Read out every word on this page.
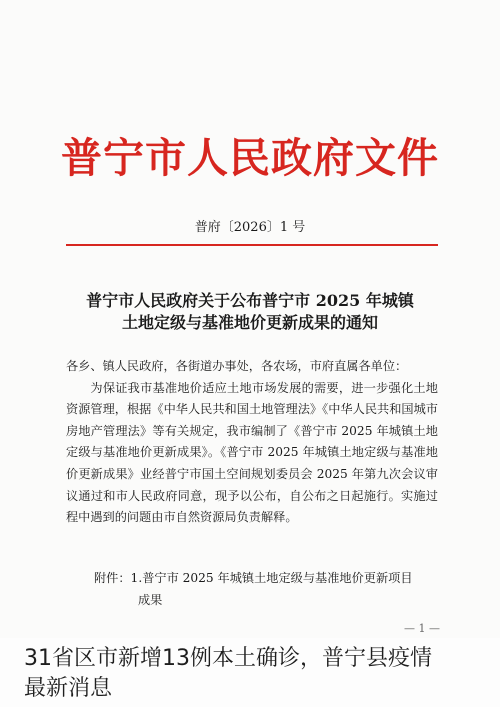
普宁市人民政府文件
普府〔2026〕1 号
普宁市人民政府关于公布普宁市 2025 年城镇
土地定级与基准地价更新成果的通知

各乡、镇人民政府，各街道办事处，各农场，市府直属各单位：

为保证我市基准地价适应土地市场发展的需要，进一步强化土地资源管理，根据《中华人民共和国土地管理法》《中华人民共和国城市房地产管理法》等有关规定，我市编制了《普宁市 2025 年城镇土地定级与基准地价更新成果》。《普宁市 2025 年城镇土地定级与基准地价更新成果》业经普宁市国土空间规划委员会 2025 年第九次会议审议通过和市人民政府同意，现予以公布，自公布之日起施行。实施过程中遇到的问题由市自然资源局负责解释。

附件：1. 普宁市 2025 年城镇土地定级与基准地价更新项目成果
— 1 —
31省区市新增13例本土确诊，普宁县疫情
最新消息
